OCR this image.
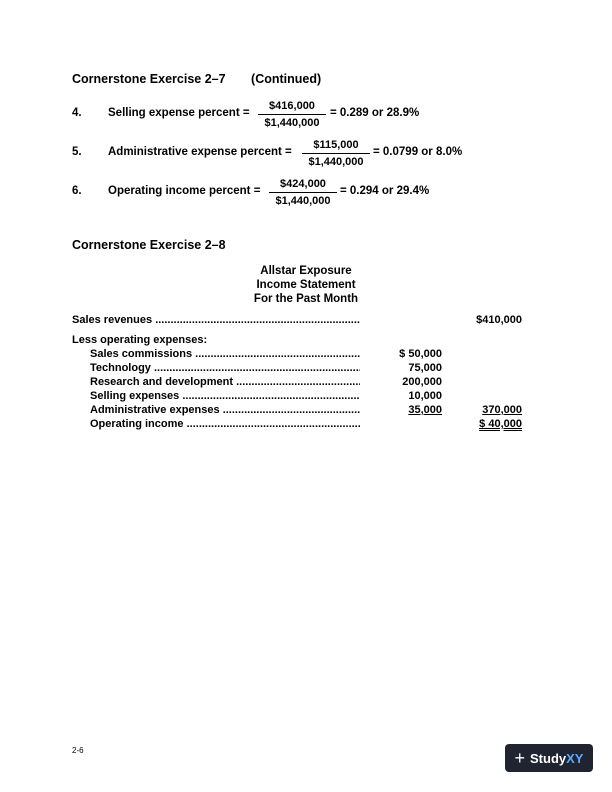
Cornerstone Exercise 2–7 (Continued)
4. Selling expense percent = $\frac{\$416,000}{\$1,440,000} = 0.289$ or 28.9%
5. Administrative expense percent = $\frac{\$115,000}{\$1,440,000} = 0.0799$ or 8.0%
6. Operating income percent = $\frac{\$424,000}{\$1,440,000} = 0.294$ or 29.4%
Cornerstone Exercise 2–8
Allstar Exposure
Income Statement
For the Past Month
Sales revenues .....	$410,000
Less operating expenses:
Sales commissions .....	$ 50,000
Technology .....	75,000
Research and development .....	200,000
Selling expenses .....	10,000
Administrative expenses .....	35,000	370,000
Operating income .....	$ 40,000
2-6	+ Study XY
